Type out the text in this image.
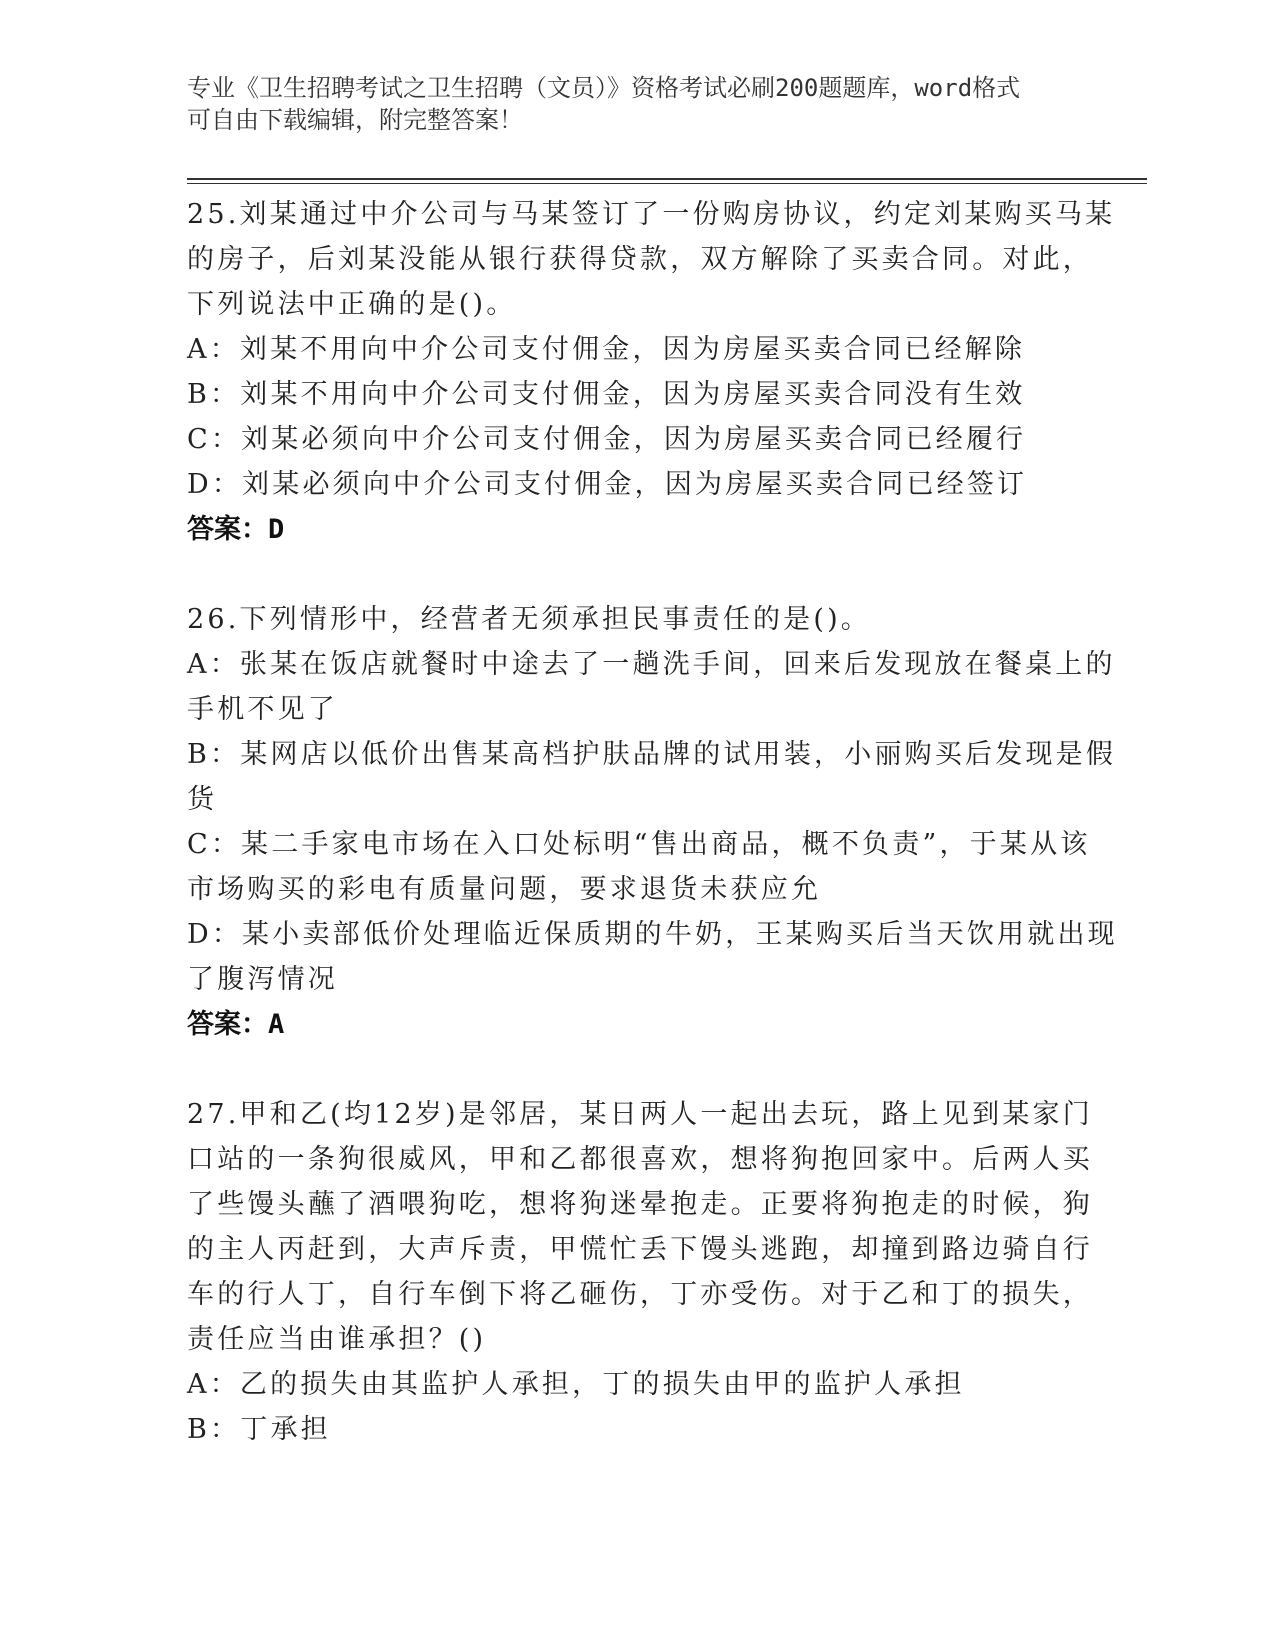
专业《卫生招聘考试之卫生招聘（文员）》资格考试必刷200题题库，word格式
可自由下载编辑，附完整答案！
25.刘某通过中介公司与马某签订了一份购房协议，约定刘某购买马某
的房子，后刘某没能从银行获得贷款，双方解除了买卖合同。对此，
下列说法中正确的是()。
A：刘某不用向中介公司支付佣金，因为房屋买卖合同已经解除
B：刘某不用向中介公司支付佣金，因为房屋买卖合同没有生效
C：刘某必须向中介公司支付佣金，因为房屋买卖合同已经履行
D：刘某必须向中介公司支付佣金，因为房屋买卖合同已经签订
答案：D
26.下列情形中，经营者无须承担民事责任的是()。
A：张某在饭店就餐时中途去了一趟洗手间，回来后发现放在餐桌上的
手机不见了
B：某网店以低价出售某高档护肤品牌的试用装，小丽购买后发现是假
货
C：某二手家电市场在入口处标明“售出商品，概不负责”，于某从该
市场购买的彩电有质量问题，要求退货未获应允
D：某小卖部低价处理临近保质期的牛奶，王某购买后当天饮用就出现
了腹泻情况
答案：A
27.甲和乙(均12岁)是邻居，某日两人一起出去玩，路上见到某家门
口站的一条狗很威风，甲和乙都很喜欢，想将狗抱回家中。后两人买
了些馒头蘸了酒喂狗吃，想将狗迷晕抱走。正要将狗抱走的时候，狗
的主人丙赶到，大声斥责，甲慌忙丢下馒头逃跑，却撞到路边骑自行
车的行人丁，自行车倒下将乙砸伤，丁亦受伤。对于乙和丁的损失，
责任应当由谁承担？()
A：乙的损失由其监护人承担，丁的损失由甲的监护人承担
B：丁承担
